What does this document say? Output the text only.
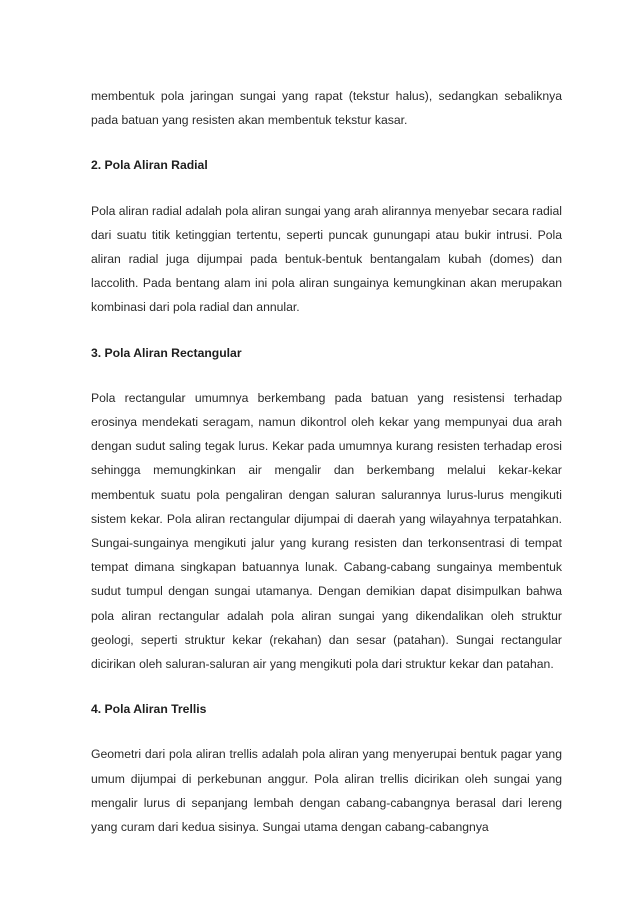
membentuk pola jaringan sungai yang rapat (tekstur halus), sedangkan sebaliknya pada batuan yang resisten akan membentuk tekstur kasar.

2. Pola Aliran Radial

Pola aliran radial adalah pola aliran sungai yang arah alirannya menyebar secara radial dari suatu titik ketinggian tertentu, seperti puncak gunungapi atau bukir intrusi. Pola aliran radial juga dijumpai pada bentuk-bentuk bentangalam kubah (domes) dan laccolith. Pada bentang alam ini pola aliran sungainya kemungkinan akan merupakan kombinasi dari pola radial dan annular.

3. Pola Aliran Rectangular

Pola rectangular umumnya berkembang pada batuan yang resistensi terhadap erosinya mendekati seragam, namun dikontrol oleh kekar yang mempunyai dua arah dengan sudut saling tegak lurus. Kekar pada umumnya kurang resisten terhadap erosi sehingga memungkinkan air mengalir dan berkembang melalui kekar-kekar membentuk suatu pola pengaliran dengan saluran salurannya lurus-lurus mengikuti sistem kekar. Pola aliran rectangular dijumpai di daerah yang wilayahnya terpatahkan. Sungai-sungainya mengikuti jalur yang kurang resisten dan terkonsentrasi di tempat tempat dimana singkapan batuannya lunak. Cabang-cabang sungainya membentuk sudut tumpul dengan sungai utamanya. Dengan demikian dapat disimpulkan bahwa pola aliran rectangular adalah pola aliran sungai yang dikendalikan oleh struktur geologi, seperti struktur kekar (rekahan) dan sesar (patahan). Sungai rectangular dicirikan oleh saluran-saluran air yang mengikuti pola dari struktur kekar dan patahan.

4. Pola Aliran Trellis

Geometri dari pola aliran trellis adalah pola aliran yang menyerupai bentuk pagar yang umum dijumpai di perkebunan anggur. Pola aliran trellis dicirikan oleh sungai yang mengalir lurus di sepanjang lembah dengan cabang-cabangnya berasal dari lereng yang curam dari kedua sisinya. Sungai utama dengan cabang-cabangnya
